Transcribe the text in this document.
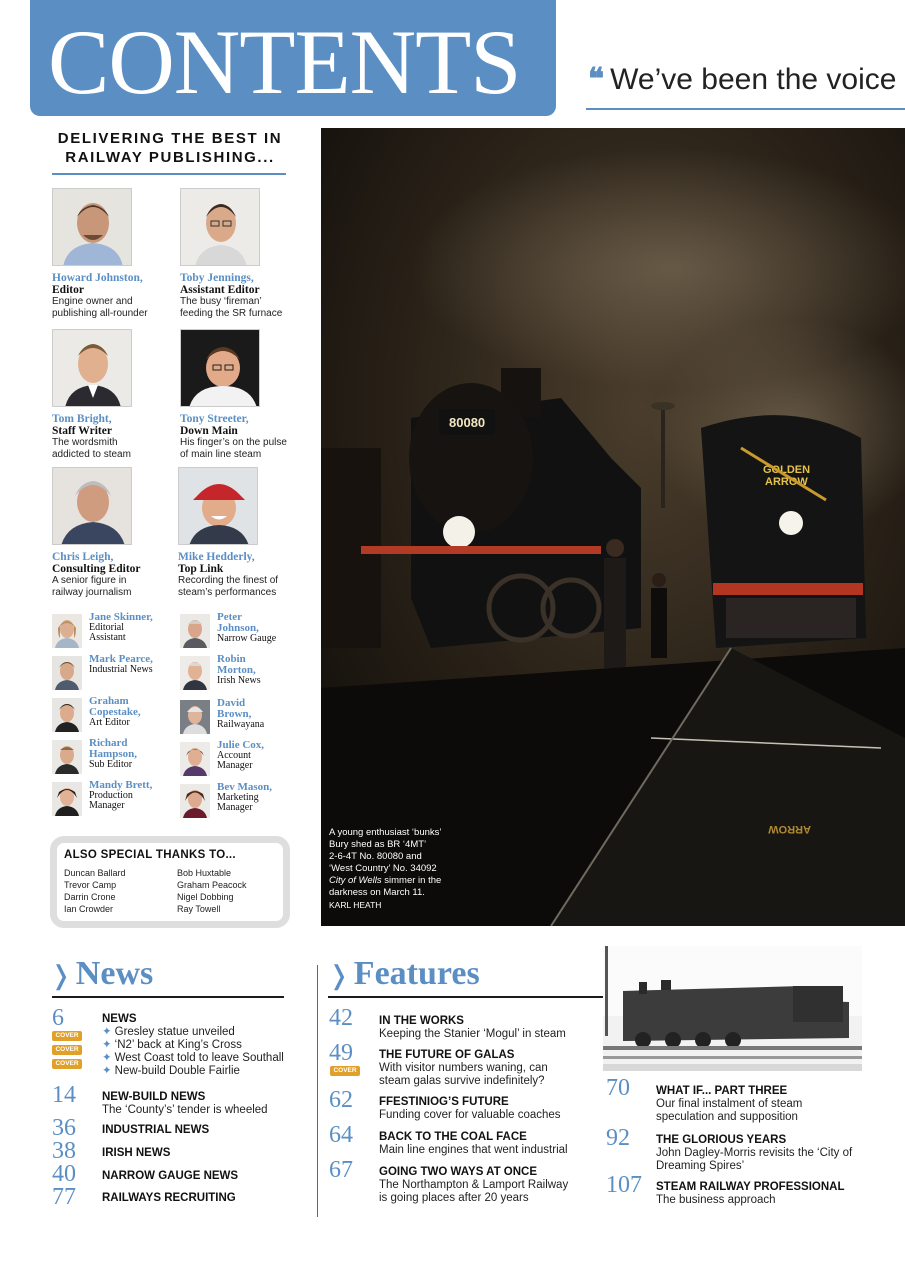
CONTENTS ❝ We’ve been the voice
DELIVERING THE BEST IN
RAILWAY PUBLISHING...
Howard Johnston,
Editor
Engine owner and
publishing all-rounder
Toby Jennings,
Assistant Editor
The busy ‘fireman’
feeding the SR furnace
Tom Bright,
Staff Writer
The wordsmith
addicted to steam
Tony Streeter,
Down Main
His finger’s on the pulse
of main line steam
Chris Leigh,
Consulting Editor
A senior figure in
railway journalism
Mike Hedderly,
Top Link
Recording the finest of
steam’s performances
Jane Skinner,
Editorial
Assistant
Peter
Johnson,
Narrow Gauge
Mark Pearce,
Industrial News
Robin
Morton,
Irish News
Graham
Copestake,
Art Editor
David
Brown,
Railwayana
Richard
Hampson,
Sub Editor
Julie Cox,
Account
Manager
Mandy Brett,
Production
Manager
Bev Mason,
Marketing
Manager
ALSO SPECIAL THANKS TO...
Duncan Ballard
Trevor Camp
Darrin Crone
Ian Crowder
Bob Huxtable
Graham Peacock
Nigel Dobbing
Ray Towell
80080
GOLDEN
ARROW
ARROW
A young enthusiast ‘bunks’
Bury shed as BR ‘4MT’
2-6-4T No. 80080 and
‘West Country’ No. 34092
City of Wells simmer in the
darkness on March 11.
KARL HEATH
❭ News
6
COVER
COVER
COVER
NEWS
✦ Gresley statue unveiled
✦ ‘N2’ back at King’s Cross
✦ West Coast told to leave Southall
✦ New-build Double Fairlie
14 NEW-BUILD NEWS
The ‘County’s’ tender is wheeled
36 INDUSTRIAL NEWS
38 IRISH NEWS
40 NARROW GAUGE NEWS
77 RAILWAYS RECRUITING
❭ Features
42 IN THE WORKS
Keeping the Stanier ‘Mogul’ in steam
49
COVER
THE FUTURE OF GALAS
With visitor numbers waning, can
steam galas survive indefinitely?
62 FFESTINIOG’S FUTURE
Funding cover for valuable coaches
64 BACK TO THE COAL FACE
Main line engines that went industrial
67 GOING TWO WAYS AT ONCE
The Northampton & Lamport Railway
is going places after 20 years
70 WHAT IF... PART THREE
Our final instalment of steam
speculation and supposition
92 THE GLORIOUS YEARS
John Dagley-Morris revisits the ‘City of
Dreaming Spires’
107 STEAM RAILWAY PROFESSIONAL
The business approach
